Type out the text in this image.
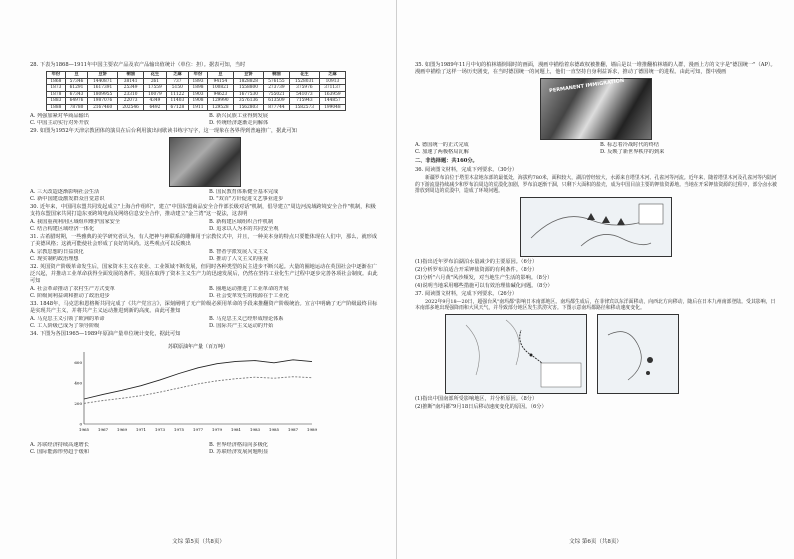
28. 下表为1868—1911年中国主要农产品及农产品输出值统计（单位：担）。据表可知，当时
年份	豆	豆饼	桐油	花生	芝麻	年份	豆	豆饼	桐油	花生	芝麻
1868	57346	1440871	38141	261	737	1893	94154	1828828	576155	1528031	10913
1873	61291	1617391	25349	17559	5150	1898	100821	1558800	273739	375976	371137
1878	67343	1809955	23310	10079	11122	1903	94623	1677530	755021	541073	163959
1883	64976	1987076	22073	4349	11403	1908	129990	3576136	613509	715943	144857
1888	78780	2167460	202546	6492	67128	1911	129528	1562803	877744	1582573	199048
A. 列强加紧对华商品输出	B. 新兴民族工业得到发展
C. 中国主动实行对外开放	D. 传统经济逐渐走向解体
29. 如图为1952年天津宗教团体的演员在后台利用演出间歇读书练字写字，这一现象在各界得到普遍推广，据此可知
A. 三大改造逐渐影响社会生活	B. 国民教育体系健全基本完成
C. 新中国建设激发群众自觉意识	D. "双百"方针促进文艺事业进步
30. 近年来，中国同东盟共同发起成立"上海合作组织"，建立"中国东盟商品安全合作部长级对话"机制，倡导建立"周边河流域跨境安全合作"机制，积极支持东盟国家共同打造东亚跨境电商及网络信息安全合作，推动建立"金兰湾"这一提法，这表明
A. 我国重视利用区域组织维护国家安全	B. 新构建区域组织合作机制
C. 结合构建区域经济一体化	D. 追求以人为本的共同安全观
31. 古希腊时期，一些雅典的美学研究者认为，有人把神与神联系的雕像用于宗教仪式中，并且，一种美本身的特点只要能体现在人们中，那么，就形成了美德风格；这就可能使社会形成了良好的风尚。这些观点可以反映出
A. 宗教思想的日益淡化	B. 智者学派发展人文主义
C. 现实制约政治理想	D. 推动了人文主义的重视
32. 英国资产阶级革命发生后，国家资本主义在农业、工业领域不断发展，但同时各种类型的民主进步不断兴起。大量的圈地运动在英国社会中逐渐在广泛兴起，并推动工业革命获得全面发展的条件。英国在取得了资本主义生产力的迅速发展后，仍然在坚持工业化生产过程中逐步完善各项社会制度。由此可知
A. 社会革命推动了农村生产方式变革	B. 圈地运动推进了工业革命的开展
C. 阶级间利益调和推动了政治进步	D. 社会变革发生的根源在于工业化
33. 1848年，马克思和恩格斯共同完成了《共产党宣言》，深刻阐明了无产阶级必须用革命的手段来推翻资产阶级统治。宣言中明确了无产阶级最终目标是实现共产主义，并将共产主义运动推进到新的高度。由此可推知
A. 马克思主义引领了欧洲的革命	B. 马克思主义已经形成理论体系
C. 工人阶级已成为了领导阶级	D. 国际共产主义运动的开始
34. 下图为各国1965—1989年原油产量单位统计变化，据此可知
苏联原油年产量（百万吨）
1965 1967 1969 1971 1973 1975 1977 1979 1981 1983 1985 1987 1989
0
200
400
600
A. 苏联经济持续高速增长	B. 世界经济格局向多极化
C. 国际能源形势趋于缓和	D. 苏联经济发展问题明显
文综 第5页（共8页）
35. 如图为1989年11月中旬的柏林墙倒塌时的画面，漫画中描绘着东德政权被推翻，墙后是以一堆推翻柏林墙的人群，漫画上方的文字是"德国统一"（AP）。漫画中描绘了这样一场历史剧变，在当时德国统一的问题上，他们一直坚持自身利益诉求，推动了德国统一的进程。由此可知，图中漫画
PERMANENT IMMIGRATION
A. 德国统一的正式完成	B. 标志着冷战时代的终结
C. 加速了两极格局瓦解	D. 反映了新世界秩序的到来
二、非选择题：共160分。
36. 阅读图文材料，完成下列要求。（30分）
新疆罗布泊位于塔里木盆地东部的最低处，海拔约780米，面积较大，湖泊曾经较大，水源来自塔里木河、孔雀河等河流。近年来，随着塔里木河及孔雀河等内陆河的下游流量持续减少和罗布泊周边的荒漠化加剧，罗布泊逐渐干涸，只剩下大面积的盐壳，成为中国目前主要的钾盐资源地。当地在开采钾盐资源的过程中，部分卤水被排放到周边的荒漠中，造成了环境问题。
(1)指出近年罗布泊湖泊水量减少的主要原因。（6分）
(2)分析罗布泊适合开采钾盐资源的有利条件。（8分）
(3)分析"六月黄"风沙频发，对当地生产生活的影响。（8分）
(4)说明当地采用哪些措施可以有效治理盐碱化问题。（8分）
37. 阅读图文材料，完成下列要求。（26分）
2022年9月18—20日，超强台风"南玛都"影响日本南部地区。南玛都生成后，在菲律宾以东洋面移动，向西北方向移动，随后在日本九州南部登陆。受其影响，日本南部多地出现强降雨和大风天气，并导致部分地区发生洪涝灾害。下图示意南玛都路径和移动速度变化。
(1)指出中国南部所受影响地区，并分析原因。（8分）
(2)推断"南玛都"9月18日后移动速度变化的原因。（6分）
文综 第6页（共8页）
